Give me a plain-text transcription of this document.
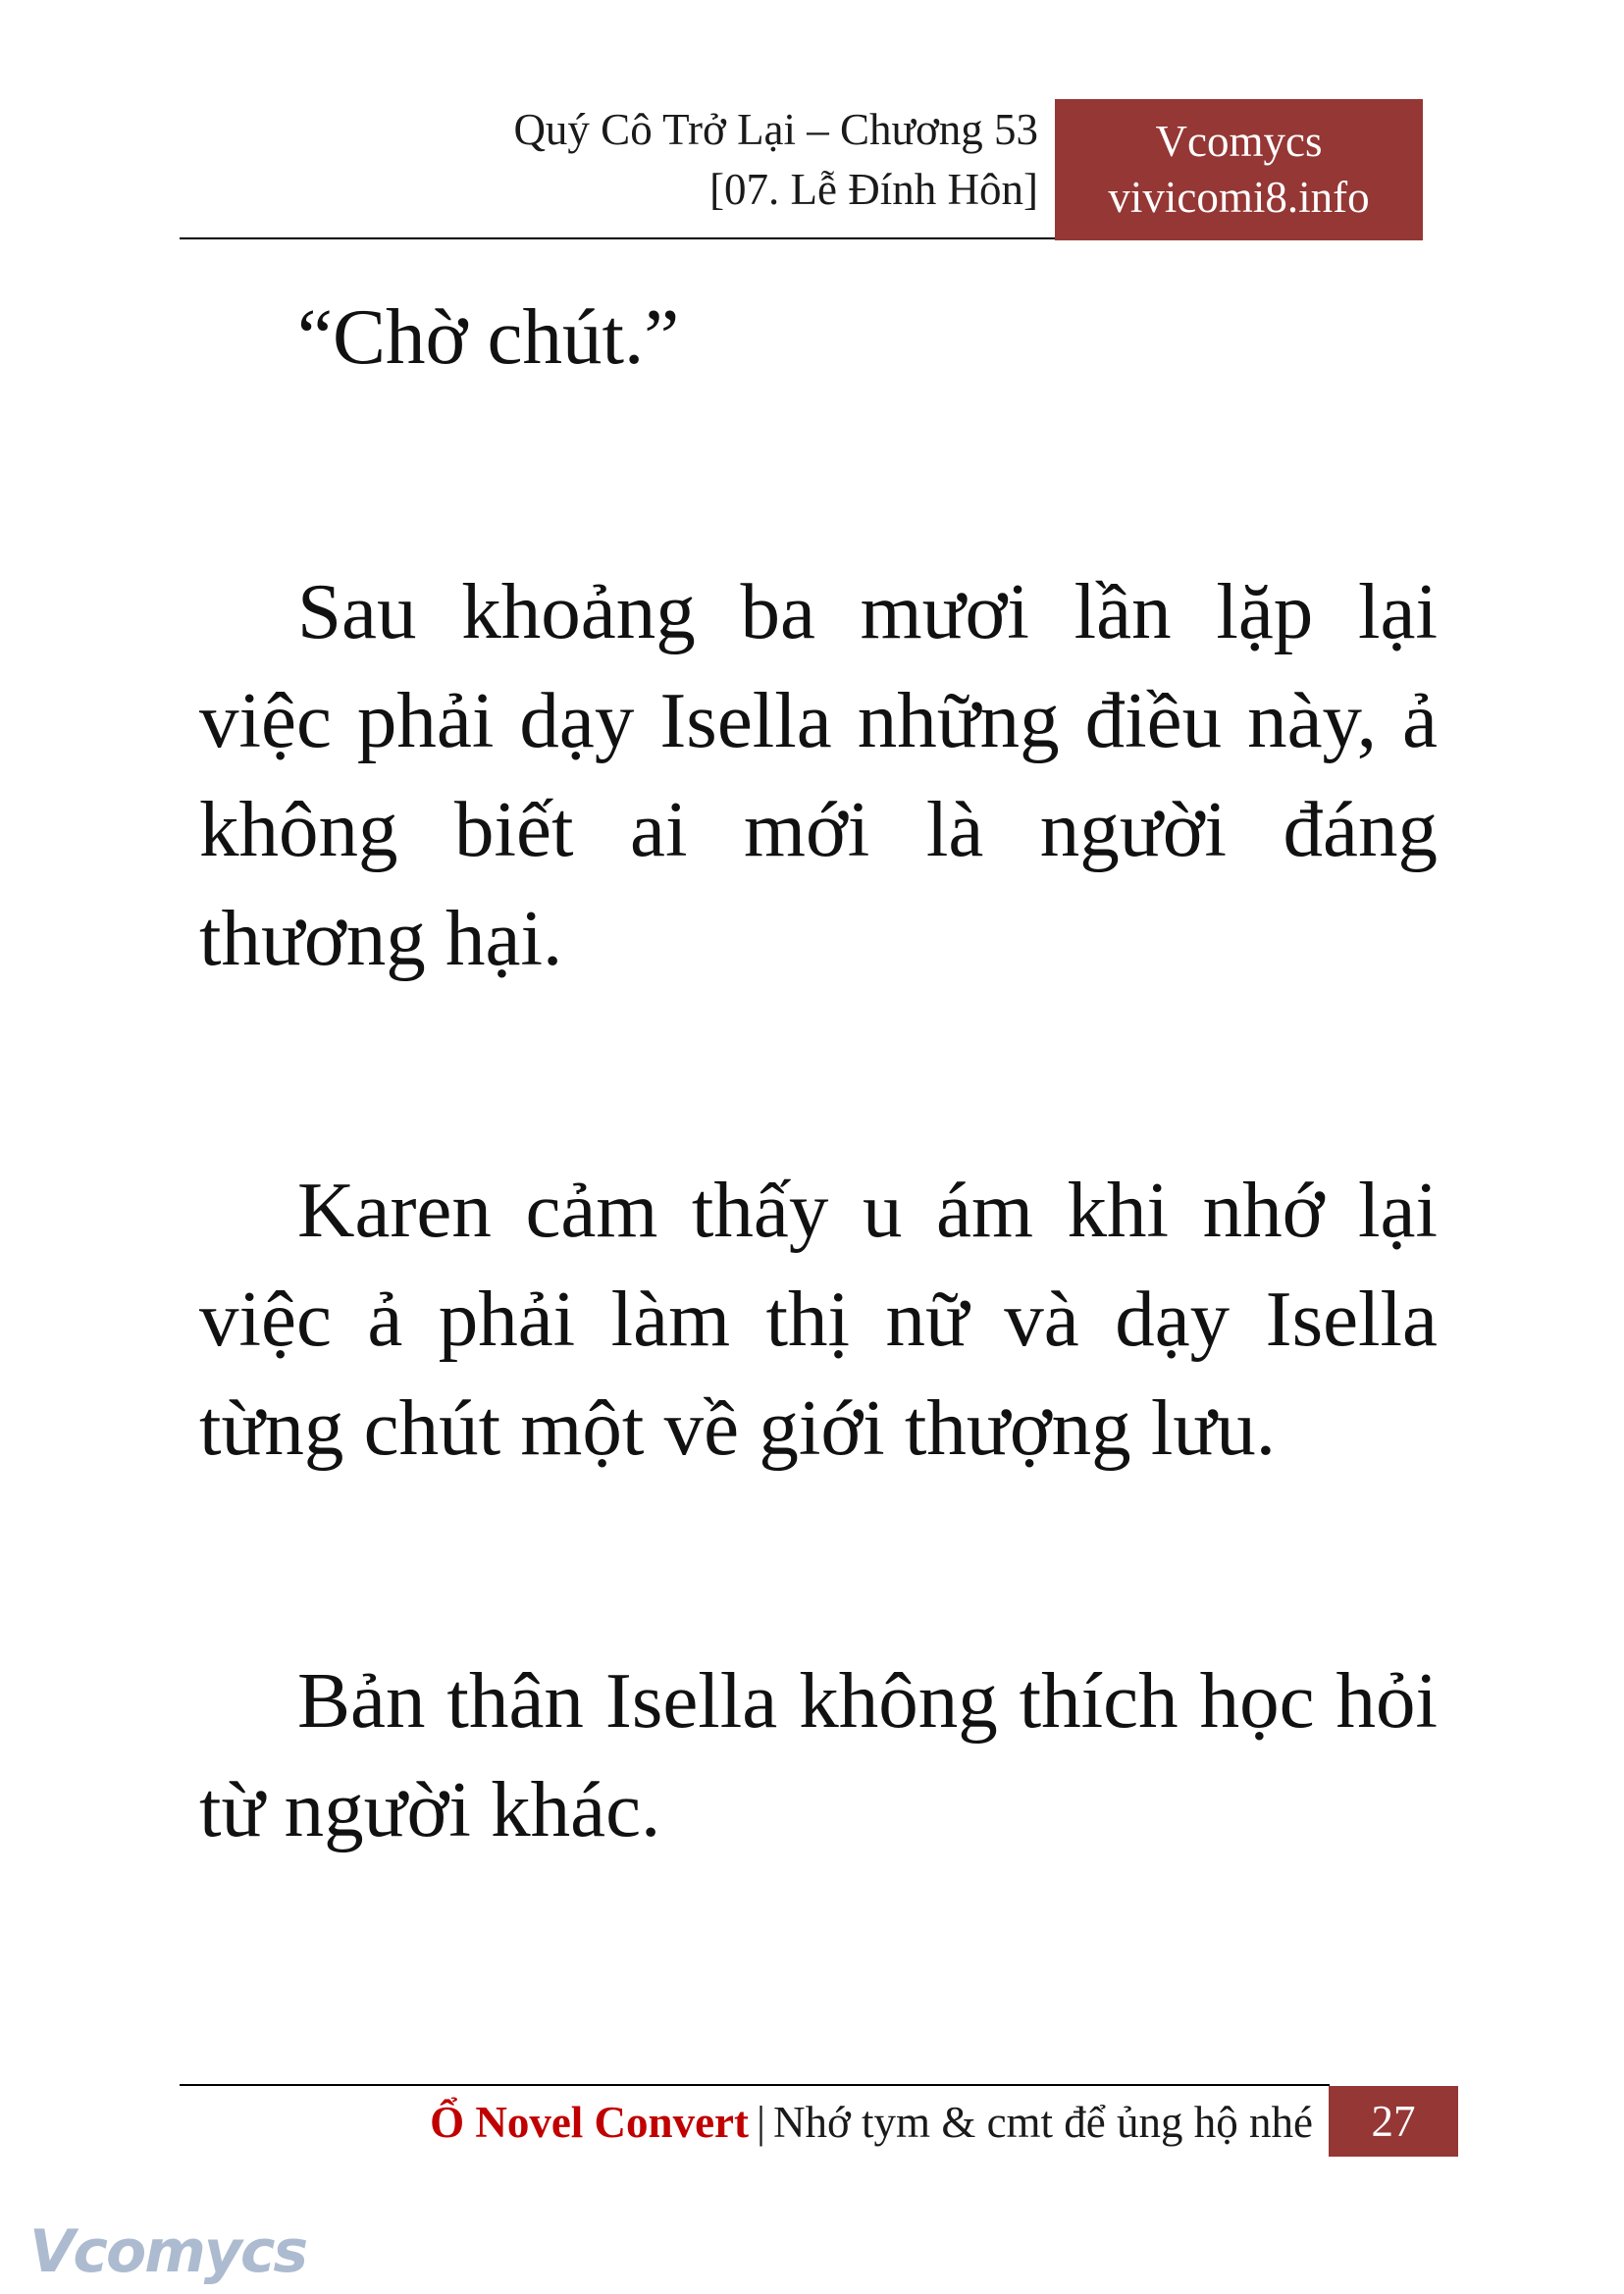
Quý Cô Trở Lại – Chương 53
[07. Lễ Đính Hôn]
Vcomycs
vivicomi8.info
“Chờ chút.”
Sau khoảng ba mươi lần lặp lại việc phải dạy Isella những điều này, ả không biết ai mới là người đáng thương hại.
Karen cảm thấy u ám khi nhớ lại việc ả phải làm thị nữ và dạy Isella từng chút một về giới thượng lưu.
Bản thân Isella không thích học hỏi từ người khác.
Ổ Novel Convert | Nhớ tym & cmt để ủng hộ nhé	27
Vcomycs
